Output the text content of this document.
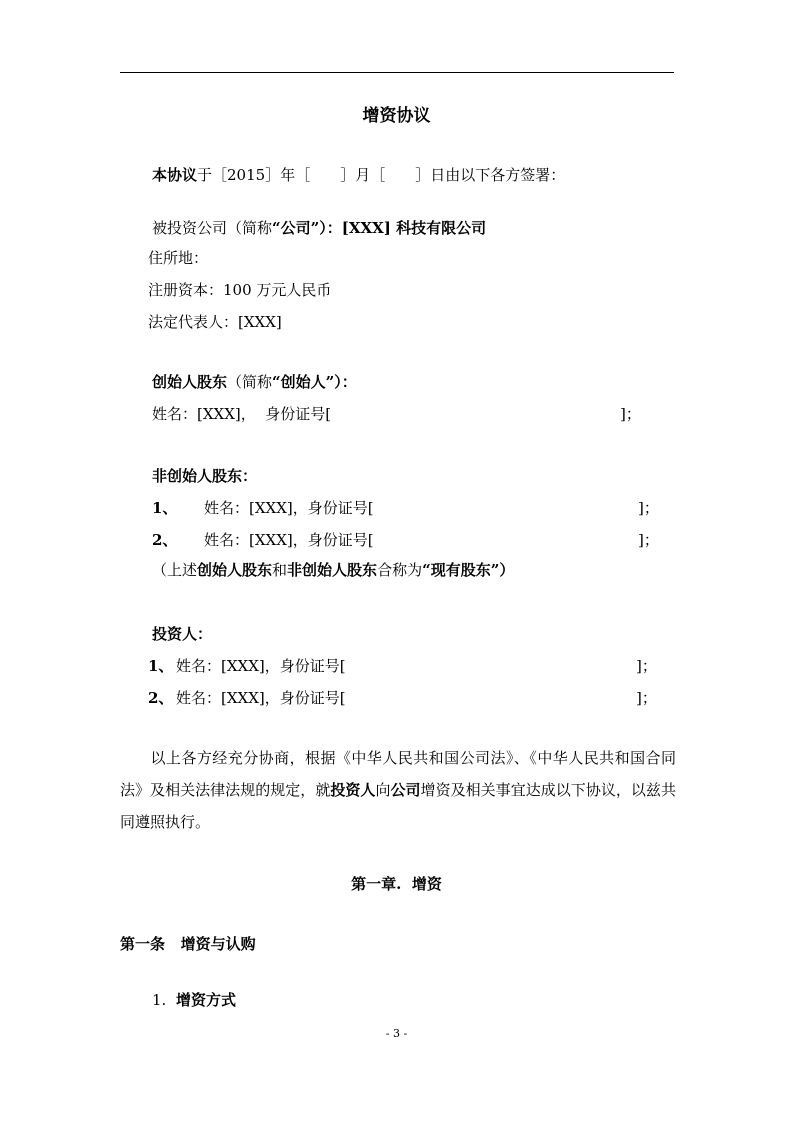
增资协议
本协议于［2015］年［　　］月［　　］日由以下各方签署：
被投资公司（简称“公司”）：[XXX] 科技有限公司
住所地：
注册资本：100 万元人民币
法定代表人：[XXX]
创始人股东（简称“创始人”）：
姓名：[XXX]，  身份证号[	]；
非创始人股东：
1、 姓名：[XXX]，身份证号[	]；
2、 姓名：[XXX]，身份证号[	]；
（上述创始人股东和非创始人股东合称为“现有股东”）
投资人：
1、 姓名：[XXX]，身份证号[	]；
2、 姓名：[XXX]，身份证号[	]；
以上各方经充分协商，根据《中华人民共和国公司法》、《中华人民共和国合同法》及相关法律法规的规定，就投资人向公司增资及相关事宜达成以下协议，以兹共同遵照执行。
第一章.  增资
第一条   增资与认购
1. 增资方式
- 3 -
